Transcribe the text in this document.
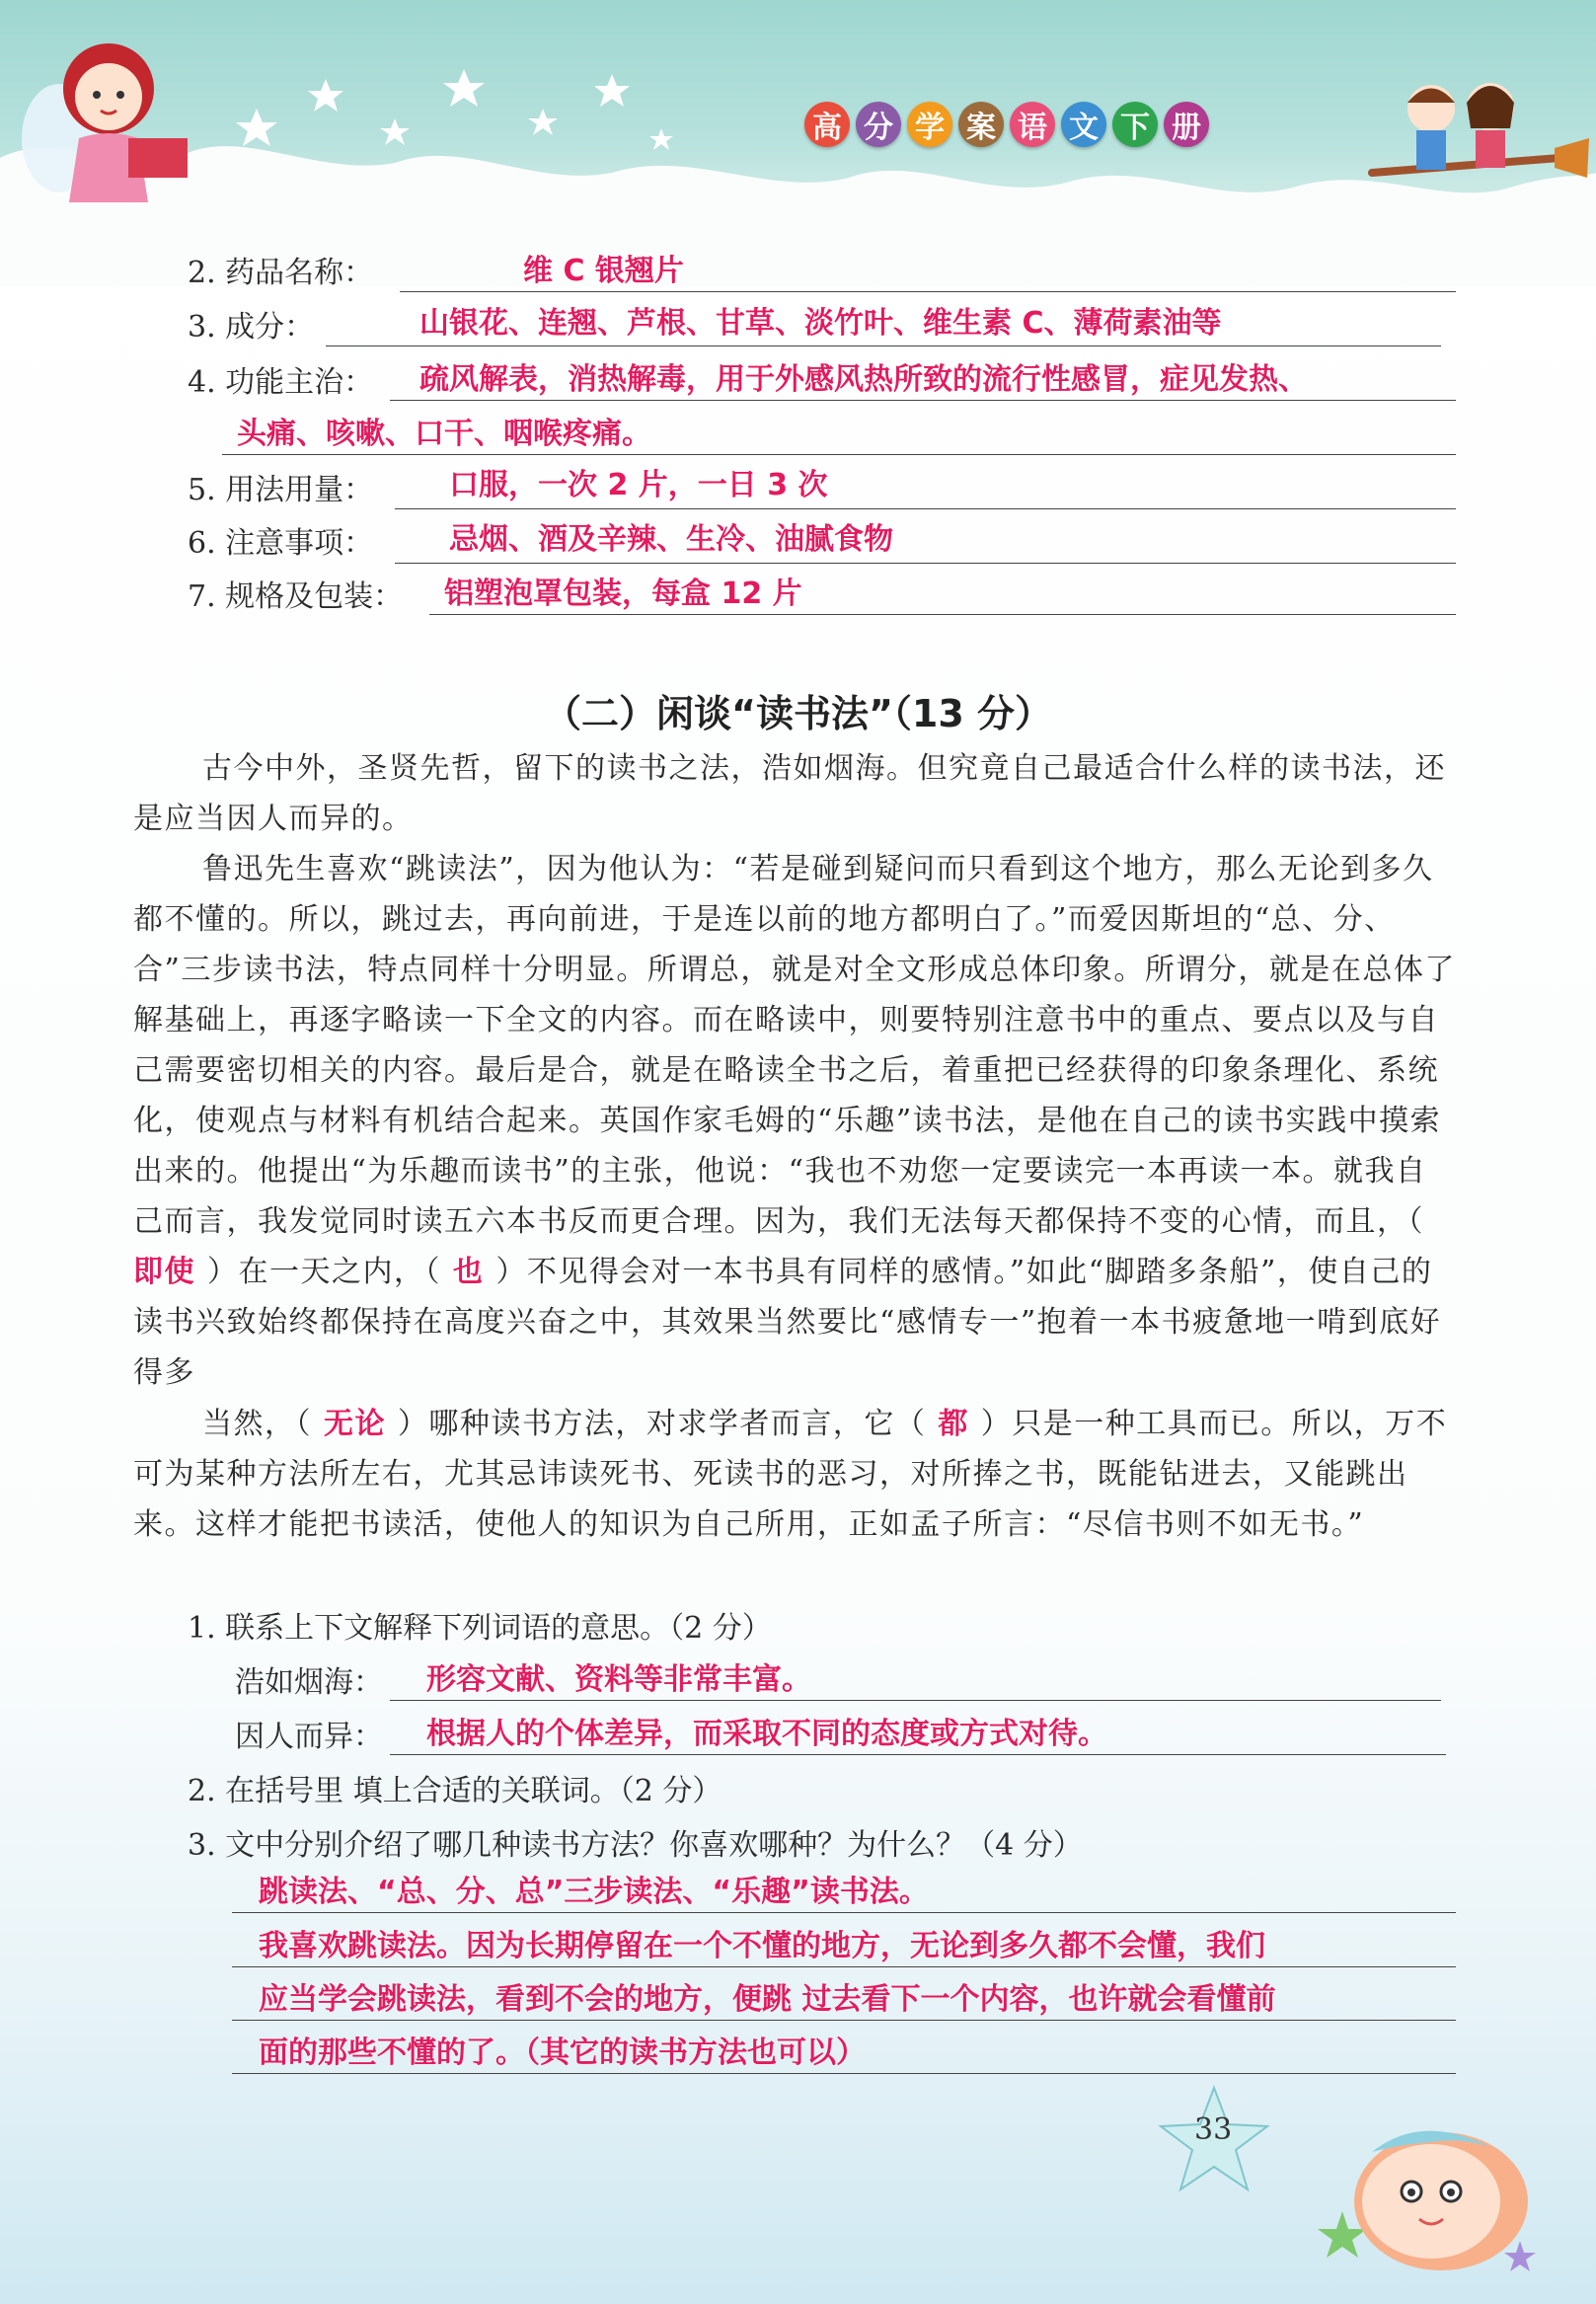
高 分 学 案 语 文 下 册
2. 药品名称：	维 C 银翘片
3. 成分：	山银花、连翘、芦根、甘草、淡竹叶、维生素 C、薄荷素油等
4. 功能主治： 疏风解表，消热解毒，用于外感风热所致的流行性感冒，症见发热、
头痛、咳嗽、口干、咽喉疼痛。
5. 用法用量：	口服，一次 2 片，一日 3 次
6. 注意事项：	忌烟、酒及辛辣、生冷、油腻食物
7. 规格及包装： 铝塑泡罩包装，每盒 12 片
（二）闲谈“读书法”（13 分）
古今中外，圣贤先哲，留下的读书之法，浩如烟海。但究竟自己最适合什么样的读书法，还是应当因人而异的。
鲁迅先生喜欢“跳读法”，因为他认为：“若是碰到疑问而只看到这个地方，那么无论到多久都不懂的。所以，跳过去，再向前进，于是连以前的地方都明白了。”而爱因斯坦的“总、分、合”三步读书法，特点同样十分明显。所谓总，就是对全文形成总体印象。所谓分，就是在总体了解基础上，再逐字略读一下全文的内容。而在略读中，则要特别注意书中的重点、要点以及与自己需要密切相关的内容。最后是合，就是在略读全书之后，着重把已经获得的印象条理化、系统化，使观点与材料有机结合起来。英国作家毛姆的“乐趣”读书法，是他在自己的读书实践中摸索出来的。他提出“为乐趣而读书”的主张，他说：“我也不劝您一定要读完一本再读一本。就我自己而言，我发觉同时读五六本书反而更合理。因为，我们无法每天都保持不变的心情，而且，（ 即使 ）在一天之内，（ 也 ）不见得会对一本书具有同样的感情。”如此“脚踏多条船”，使自己的读书兴致始终都保持在高度兴奋之中，其效果当然要比“感情专一”抱着一本书疲惫地一啃到底好得多
当然，（ 无论 ）哪种读书方法，对求学者而言，它（ 都 ）只是一种工具而已。所以，万不可为某种方法所左右，尤其忌讳读死书、死读书的恶习，对所捧之书，既能钻进去，又能跳出来。这样才能把书读活，使他人的知识为自己所用，正如孟子所言：“尽信书则不如无书。”
1. 联系上下文解释下列词语的意思。（2 分）
浩如烟海： 形容文献、资料等非常丰富。
因人而异： 根据人的个体差异，而采取不同的态度或方式对待。
2. 在括号里 填上合适的关联词。（2 分）
3. 文中分别介绍了哪几种读书方法？你喜欢哪种？为什么？（4 分）
跳读法、“总、分、总”三步读法、“乐趣”读书法。
我喜欢跳读法。因为长期停留在一个不懂的地方，无论到多久都不会懂，我们
应当学会跳读法，看到不会的地方，便跳 过去看下一个内容，也许就会看懂前
面的那些不懂的了。（其它的读书方法也可以）
33
